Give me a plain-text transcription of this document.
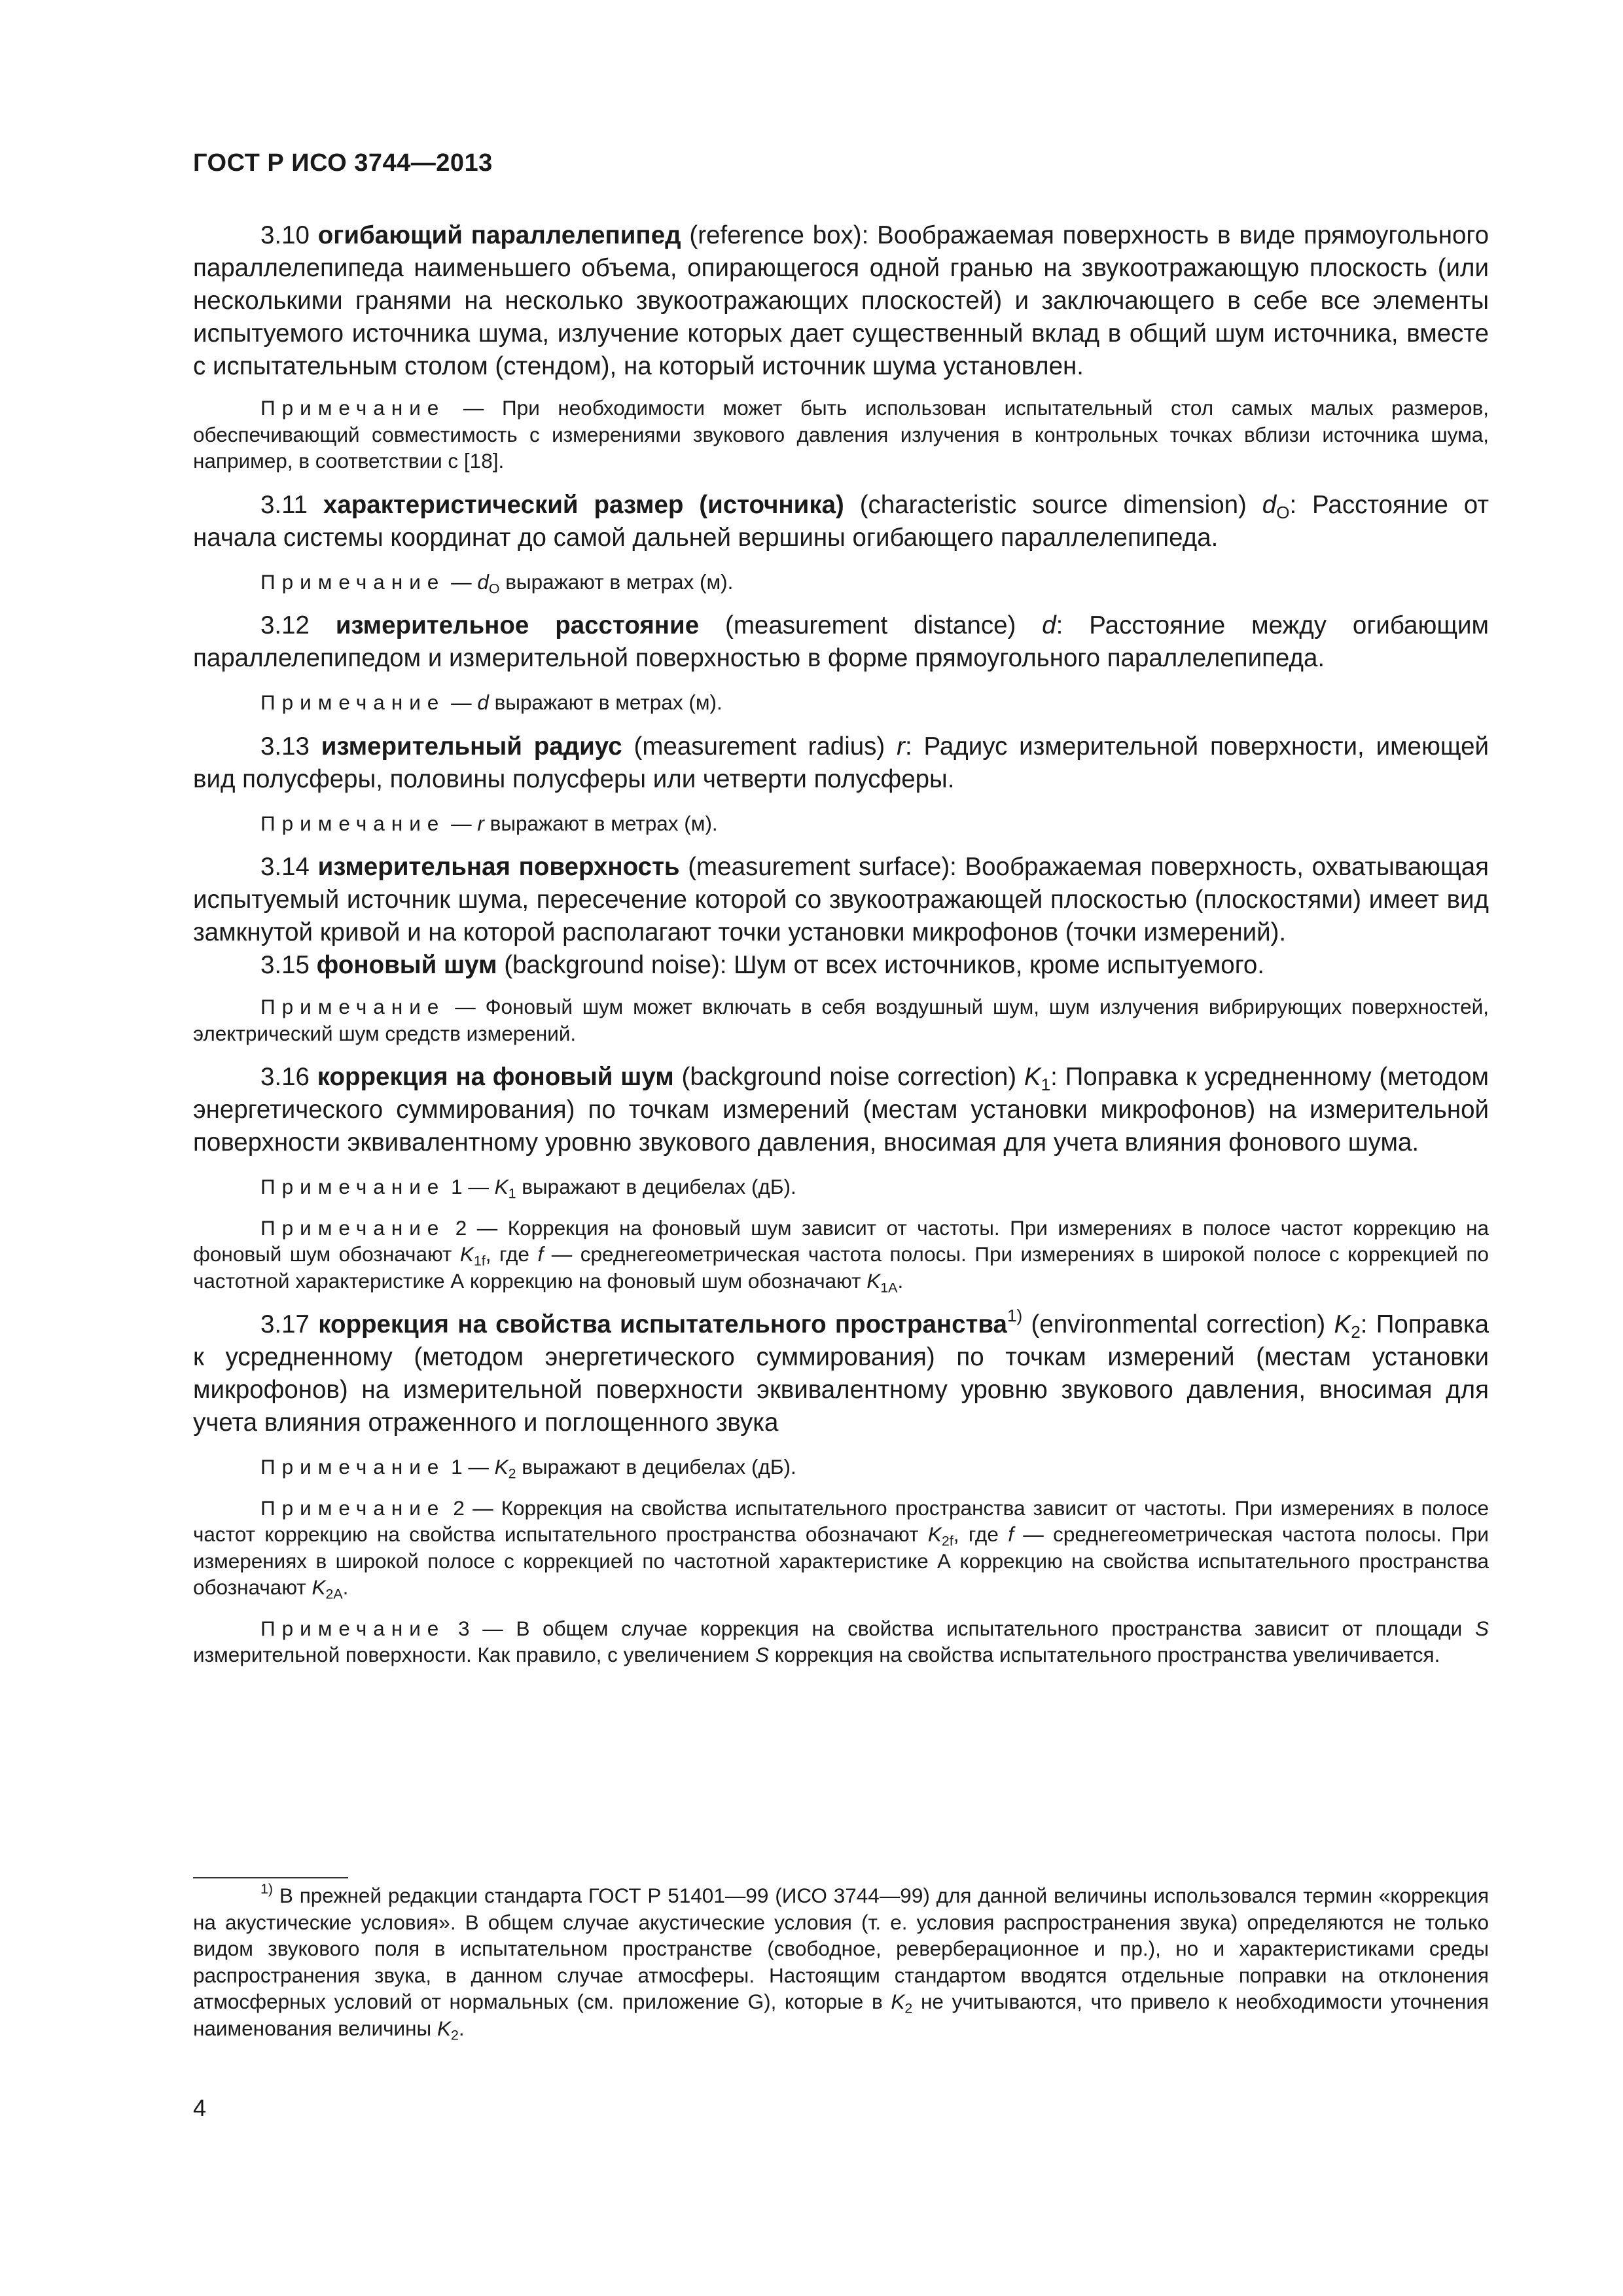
ГОСТ Р ИСО 3744—2013

3.10 огибающий параллелепипед (reference box): Воображаемая поверхность в виде прямоугольного параллелепипеда наименьшего объема, опирающегося одной гранью на звукоотражающую плоскость (или несколькими гранями на несколько звукоотражающих плоскостей) и заключающего в себе все элементы испытуемого источника шума, излучение которых дает существенный вклад в общий шум источника, вместе с испытательным столом (стендом), на который источник шума установлен.

Примечание — При необходимости может быть использован испытательный стол самых малых размеров, обеспечивающий совместимость с измерениями звукового давления излучения в контрольных точках вблизи источника шума, например, в соответствии с [18].

3.11 характеристический размер (источника) (characteristic source dimension) $d_O$: Расстояние от начала системы координат до самой дальней вершины огибающего параллелепипеда.

Примечание — $d_O$ выражают в метрах (м).

3.12 измерительное расстояние (measurement distance) d: Расстояние между огибающим параллелепипедом и измерительной поверхностью в форме прямоугольного параллелепипеда.

Примечание — d выражают в метрах (м).

3.13 измерительный радиус (measurement radius) r: Радиус измерительной поверхности, имеющей вид полусферы, половины полусферы или четверти полусферы.

Примечание — r выражают в метрах (м).

3.14 измерительная поверхность (measurement surface): Воображаемая поверхность, охватывающая испытуемый источник шума, пересечение которой со звукоотражающей плоскостью (плоскостями) имеет вид замкнутой кривой и на которой располагают точки установки микрофонов (точки измерений).

3.15 фоновый шум (background noise): Шум от всех источников, кроме испытуемого.

Примечание — Фоновый шум может включать в себя воздушный шум, шум излучения вибрирующих поверхностей, электрический шум средств измерений.

3.16 коррекция на фоновый шум (background noise correction) $K_1$: Поправка к усредненному (методом энергетического суммирования) по точкам измерений (местам установки микрофонов) на измерительной поверхности эквивалентному уровню звукового давления, вносимая для учета влияния фонового шума.

Примечание 1 — $K_1$ выражают в децибелах (дБ).

Примечание 2 — Коррекция на фоновый шум зависит от частоты. При измерениях в полосе частот коррекцию на фоновый шум обозначают $K_{1f}$, где f — среднегеометрическая частота полосы. При измерениях в широкой полосе с коррекцией по частотной характеристике А коррекцию на фоновый шум обозначают $K_{1A}$.

3.17 коррекция на свойства испытательного пространства$^{1)}$ (environmental correction) $K_2$: Поправка к усредненному (методом энергетического суммирования) по точкам измерений (местам установки микрофонов) на измерительной поверхности эквивалентному уровню звукового давления, вносимая для учета влияния отраженного и поглощенного звука

Примечание 1 — $K_2$ выражают в децибелах (дБ).

Примечание 2 — Коррекция на свойства испытательного пространства зависит от частоты. При измерениях в полосе частот коррекцию на свойства испытательного пространства обозначают $K_{2f}$, где f — среднегеометрическая частота полосы. При измерениях в широкой полосе с коррекцией по частотной характеристике А коррекцию на свойства испытательного пространства обозначают $K_{2A}$.

Примечание 3 — В общем случае коррекция на свойства испытательного пространства зависит от площади S измерительной поверхности. Как правило, с увеличением S коррекция на свойства испытательного пространства увеличивается.

$^{1)}$ В прежней редакции стандарта ГОСТ Р 51401—99 (ИСО 3744—99) для данной величины использовался термин «коррекция на акустические условия». В общем случае акустические условия (т. е. условия распространения звука) определяются не только видом звукового поля в испытательном пространстве (свободное, реверберационное и пр.), но и характеристиками среды распространения звука, в данном случае атмосферы. Настоящим стандартом вводятся отдельные поправки на отклонения атмосферных условий от нормальных (см. приложение G), которые в $K_2$ не учитываются, что привело к необходимости уточнения наименования величины $K_2$.

4
